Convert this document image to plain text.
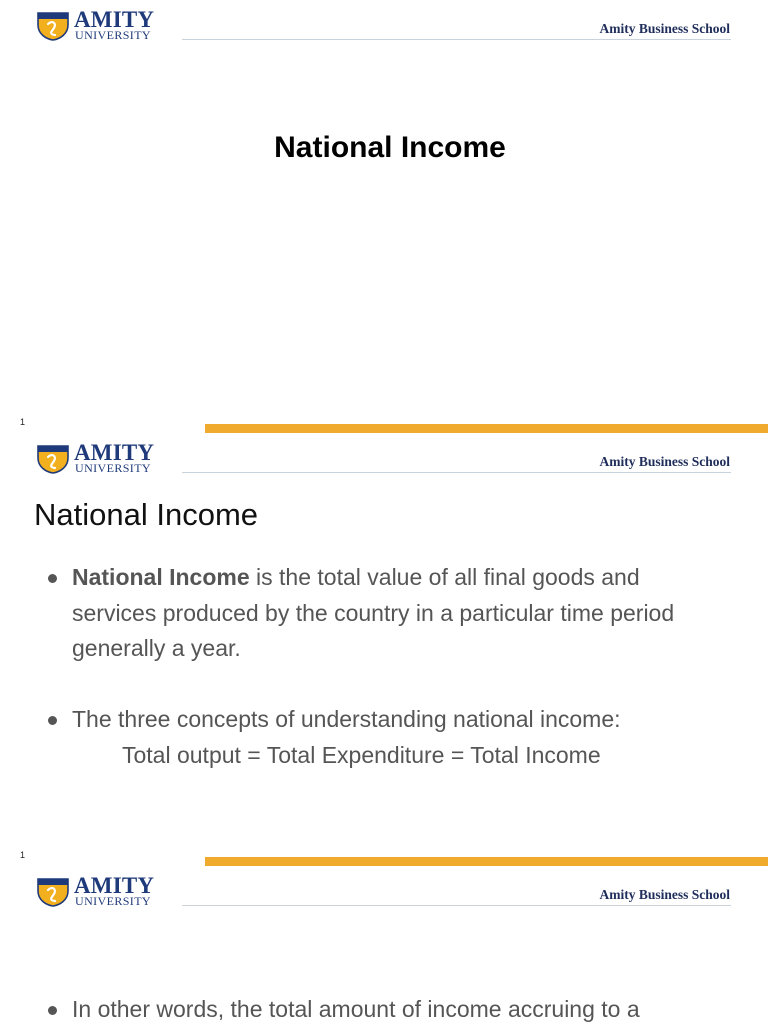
AMITY
UNIVERSITY	Amity Business School
National Income
1
AMITY
UNIVERSITY	Amity Business School
National Income
National Income is the total value of all final goods and services produced by the country in a particular time period generally a year.
The three concepts of understanding national income:
Total output = Total Expenditure = Total Income
1
AMITY
UNIVERSITY	Amity Business School
In other words, the total amount of income accruing to a
